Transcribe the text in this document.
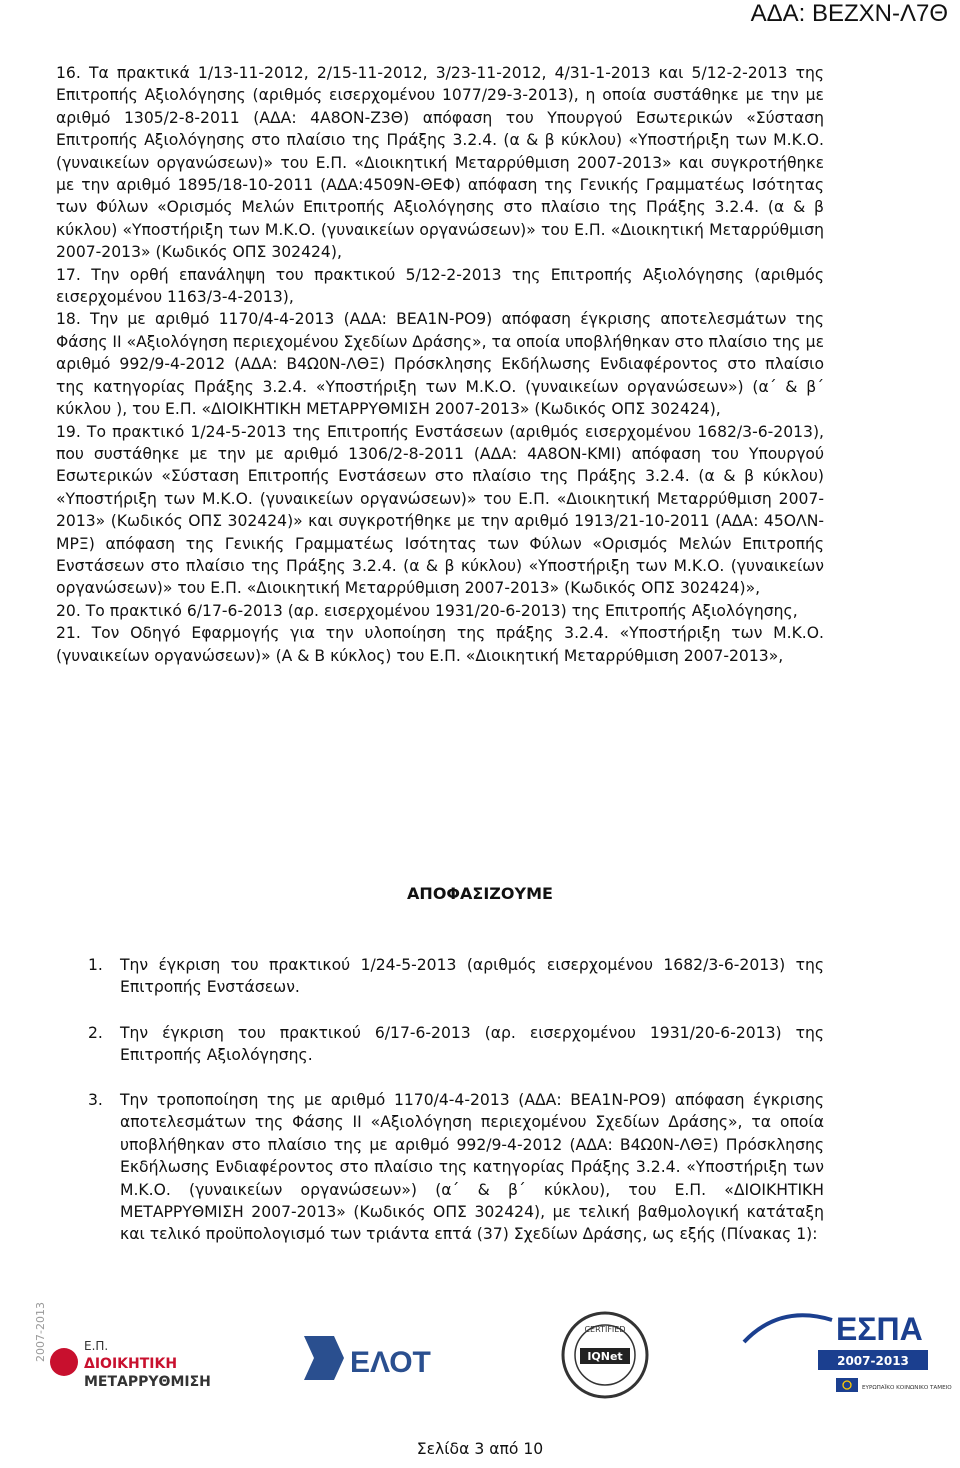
ΑΔΑ: ΒΕΖΧΝ-Λ7Θ

16. Τα πρακτικά 1/13-11-2012, 2/15-11-2012, 3/23-11-2012, 4/31-1-2013 και 5/12-2-2013 της Επιτροπής Αξιολόγησης (αριθμός εισερχομένου 1077/29-3-2013), η οποία συστάθηκε με την με αριθμό 1305/2-8-2011 (ΑΔΑ: 4Α8ΟΝ-Ζ3Θ) απόφαση του Υπουργού Εσωτερικών «Σύσταση Επιτροπής Αξιολόγησης στο πλαίσιο της Πράξης 3.2.4. (α & β κύκλου) «Υποστήριξη των Μ.Κ.Ο. (γυναικείων οργανώσεων)» του Ε.Π. «Διοικητική Μεταρρύθμιση 2007-2013» και συγκροτήθηκε με την αριθμό 1895/18-10-2011 (ΑΔΑ:4509Ν-ΘΕΦ) απόφαση της Γενικής Γραμματέως Ισότητας των Φύλων «Ορισμός Μελών Επιτροπής Αξιολόγησης στο πλαίσιο της Πράξης 3.2.4. (α & β κύκλου) «Υποστήριξη των Μ.Κ.Ο. (γυναικείων οργανώσεων)» του Ε.Π. «Διοικητική Μεταρρύθμιση 2007-2013» (Κωδικός ΟΠΣ 302424),

17. Την ορθή επανάληψη του πρακτικού 5/12-2-2013 της Επιτροπής Αξιολόγησης (αριθμός εισερχομένου 1163/3-4-2013),

18. Την με αριθμό 1170/4-4-2013 (ΑΔΑ: ΒΕΑ1Ν-ΡΟ9) απόφαση έγκρισης αποτελεσμάτων της Φάσης ΙΙ «Αξιολόγηση περιεχομένου Σχεδίων Δράσης», τα οποία υποβλήθηκαν στο πλαίσιο της με αριθμό 992/9-4-2012 (ΑΔΑ: Β4Ω0Ν-ΛΘΞ) Πρόσκλησης Εκδήλωσης Ενδιαφέροντος στο πλαίσιο της κατηγορίας Πράξης 3.2.4. «Υποστήριξη των Μ.Κ.Ο. (γυναικείων οργανώσεων») (α΄ & β΄ κύκλου ), του Ε.Π. «ΔΙΟΙΚΗΤΙΚΗ ΜΕΤΑΡΡΥΘΜΙΣΗ 2007-2013» (Κωδικός ΟΠΣ 302424),

19. Το πρακτικό 1/24-5-2013 της Επιτροπής Ενστάσεων (αριθμός εισερχομένου 1682/3-6-2013), που συστάθηκε με την με αριθμό 1306/2-8-2011 (ΑΔΑ: 4Α8ΟΝ-ΚΜΙ) απόφαση του Υπουργού Εσωτερικών «Σύσταση Επιτροπής Ενστάσεων στο πλαίσιο της Πράξης 3.2.4. (α & β κύκλου) «Υποστήριξη των Μ.Κ.Ο. (γυναικείων οργανώσεων)» του Ε.Π. «Διοικητική Μεταρρύθμιση 2007-2013» (Κωδικός ΟΠΣ 302424)» και συγκροτήθηκε με την αριθμό 1913/21-10-2011 (ΑΔΑ: 45ΟΛΝ-ΜΡΞ) απόφαση της Γενικής Γραμματέως Ισότητας των Φύλων «Ορισμός Μελών Επιτροπής Ενστάσεων στο πλαίσιο της Πράξης 3.2.4. (α & β κύκλου) «Υποστήριξη των Μ.Κ.Ο. (γυναικείων οργανώσεων)» του Ε.Π. «Διοικητική Μεταρρύθμιση 2007-2013» (Κωδικός ΟΠΣ 302424)»,

20. Το πρακτικό 6/17-6-2013 (αρ. εισερχομένου 1931/20-6-2013) της Επιτροπής Αξιολόγησης,

21. Τον Οδηγό Εφαρμογής για την υλοποίηση της πράξης 3.2.4. «Υποστήριξη των Μ.Κ.Ο. (γυναικείων οργανώσεων)» (Α & Β κύκλος) του Ε.Π. «Διοικητική Μεταρρύθμιση 2007-2013»,

ΑΠΟΦΑΣΙΖΟΥΜΕ
1. Την έγκριση του πρακτικού 1/24-5-2013 (αριθμός εισερχομένου 1682/3-6-2013) της Επιτροπής Ενστάσεων.
2. Την έγκριση του πρακτικού 6/17-6-2013 (αρ. εισερχομένου 1931/20-6-2013) της Επιτροπής Αξιολόγησης.
3. Την τροποποίηση της με αριθμό 1170/4-4-2013 (ΑΔΑ: ΒΕΑ1Ν-ΡΟ9) απόφαση έγκρισης αποτελεσμάτων της Φάσης ΙΙ «Αξιολόγηση περιεχομένου Σχεδίων Δράσης», τα οποία υποβλήθηκαν στο πλαίσιο της με αριθμό 992/9-4-2012 (ΑΔΑ: Β4Ω0Ν-ΛΘΞ) Πρόσκλησης Εκδήλωσης Ενδιαφέροντος στο πλαίσιο της κατηγορίας Πράξης 3.2.4. «Υποστήριξη των Μ.Κ.Ο. (γυναικείων οργανώσεων») (α΄ & β΄ κύκλου), του Ε.Π. «ΔΙΟΙΚΗΤΙΚΗ ΜΕΤΑΡΡΥΘΜΙΣΗ 2007-2013» (Κωδικός ΟΠΣ 302424), με τελική βαθμολογική κατάταξη και τελικό προϋπολογισμό των τριάντα επτά (37) Σχεδίων Δράσης, ως εξής (Πίνακας 1):
2007-2013	Ε.Π.
ΔΙΟΙΚΗΤΙΚΗ
ΜΕΤΑΡΡΥΘΜΙΣΗ
ΕΛΟΤ
CERTIFIED
IQNet
ΕΣΠΑ
2007-2013
ΕΥΡΩΠΑΪΚΟ ΚΟΙΝΩΝΙΚΟ ΤΑΜΕΙΟ
Σελίδα 3 από 10
